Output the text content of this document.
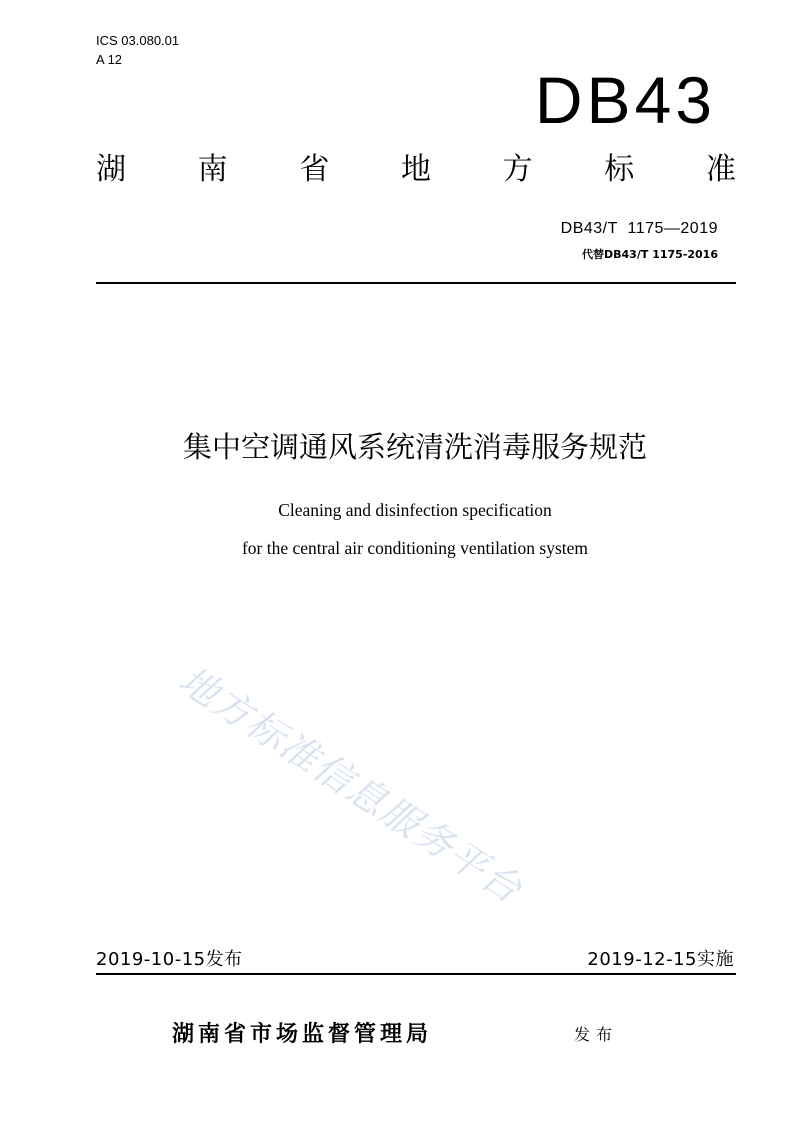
ICS 03.080.01
A 12
DB43
湖 南 省 地 方 标 准
DB43/T  1175—2019
代替DB43/T 1175-2016
集中空调通风系统清洗消毒服务规范
Cleaning and disinfection specification
for the central air conditioning ventilation system
地方标准信息服务平台
2019-10-15发布	2019-12-15实施
湖南省市场监督管理局	发布
